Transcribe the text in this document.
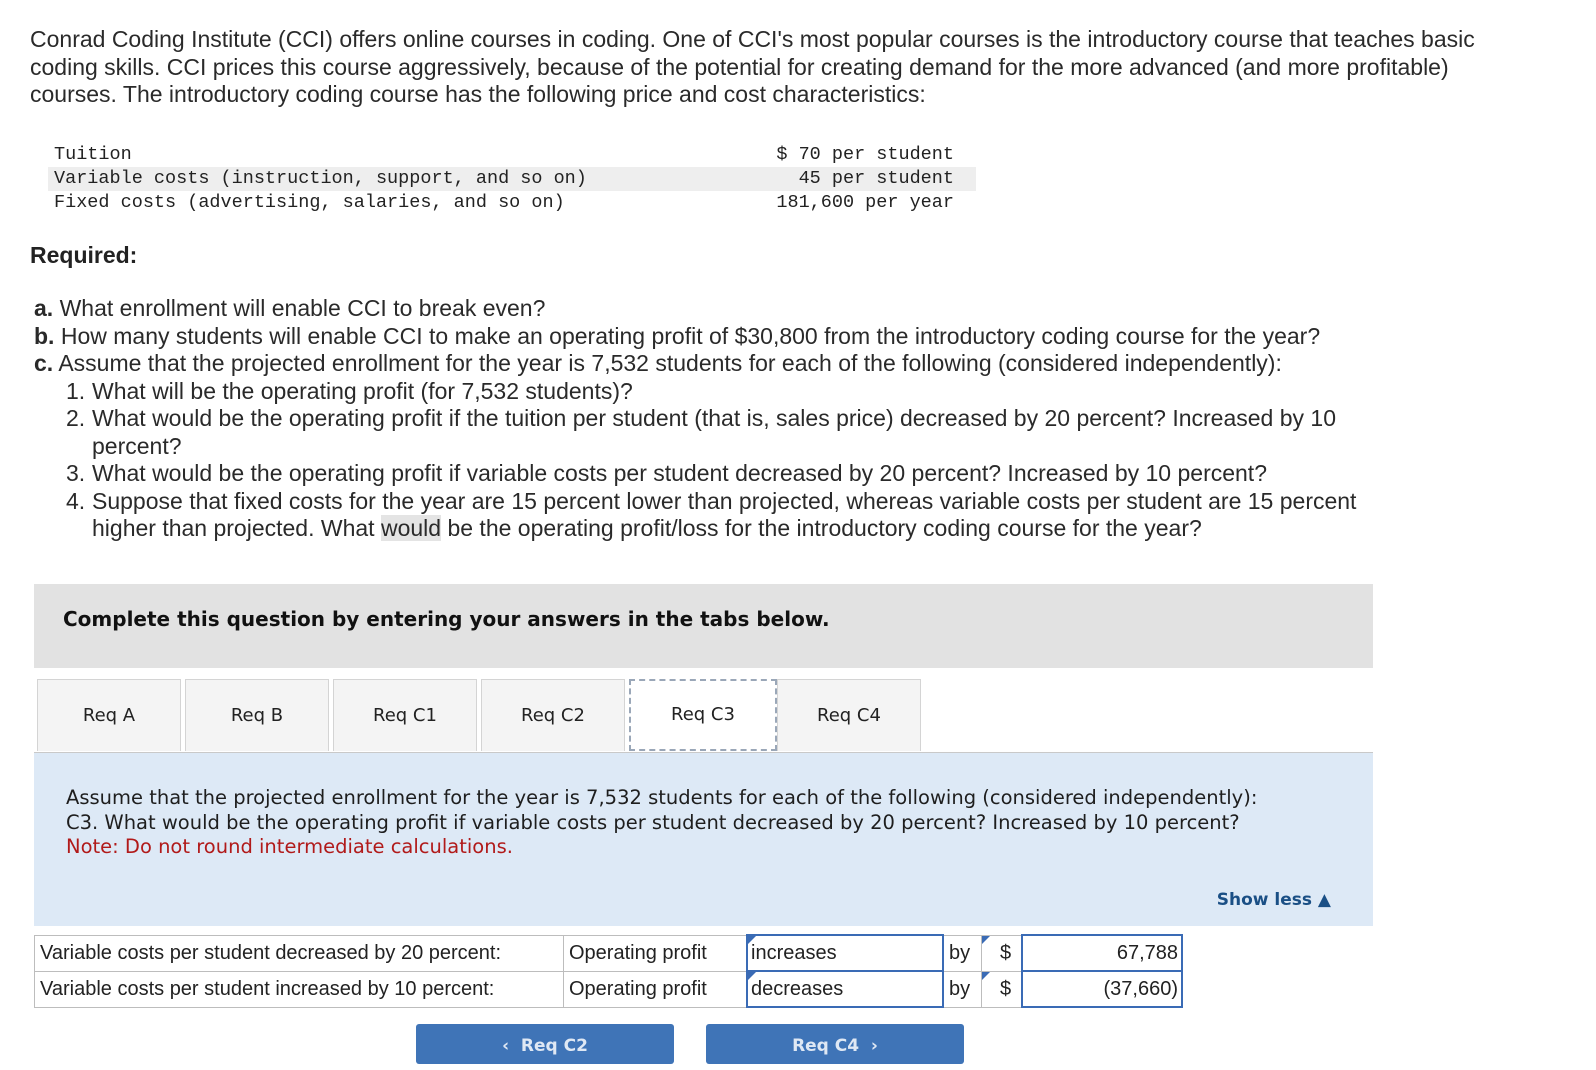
Conrad Coding Institute (CCI) offers online courses in coding. One of CCI's most popular courses is the introductory course that teaches basic coding skills. CCI prices this course aggressively, because of the potential for creating demand for the more advanced (and more profitable) courses. The introductory coding course has the following price and cost characteristics:
Tuition	$ 70 per student
Variable costs (instruction, support, and so on)	45 per student
Fixed costs (advertising, salaries, and so on)	181,600 per year
Required:
a. What enrollment will enable CCI to break even?
b. How many students will enable CCI to make an operating profit of $30,800 from the introductory coding course for the year?
c. Assume that the projected enrollment for the year is 7,532 students for each of the following (considered independently):
1. What will be the operating profit (for 7,532 students)?
2. What would be the operating profit if the tuition per student (that is, sales price) decreased by 20 percent? Increased by 10
percent?
3. What would be the operating profit if variable costs per student decreased by 20 percent? Increased by 10 percent?
4. Suppose that fixed costs for the year are 15 percent lower than projected, whereas variable costs per student are 15 percent
higher than projected. What would be the operating profit/loss for the introductory coding course for the year?
Complete this question by entering your answers in the tabs below.
Req A	Req B	Req C1	Req C2	Req C3	Req C4
Assume that the projected enrollment for the year is 7,532 students for each of the following (considered independently):
C3. What would be the operating profit if variable costs per student decreased by 20 percent? Increased by 10 percent?
Note: Do not round intermediate calculations.
Show less ▲
Variable costs per student decreased by 20 percent:	Operating profit	increases	by	$	67,788
Variable costs per student increased by 10 percent:	Operating profit	decreases	by	$	(37,660)
‹ Req C2	Req C4 ›
